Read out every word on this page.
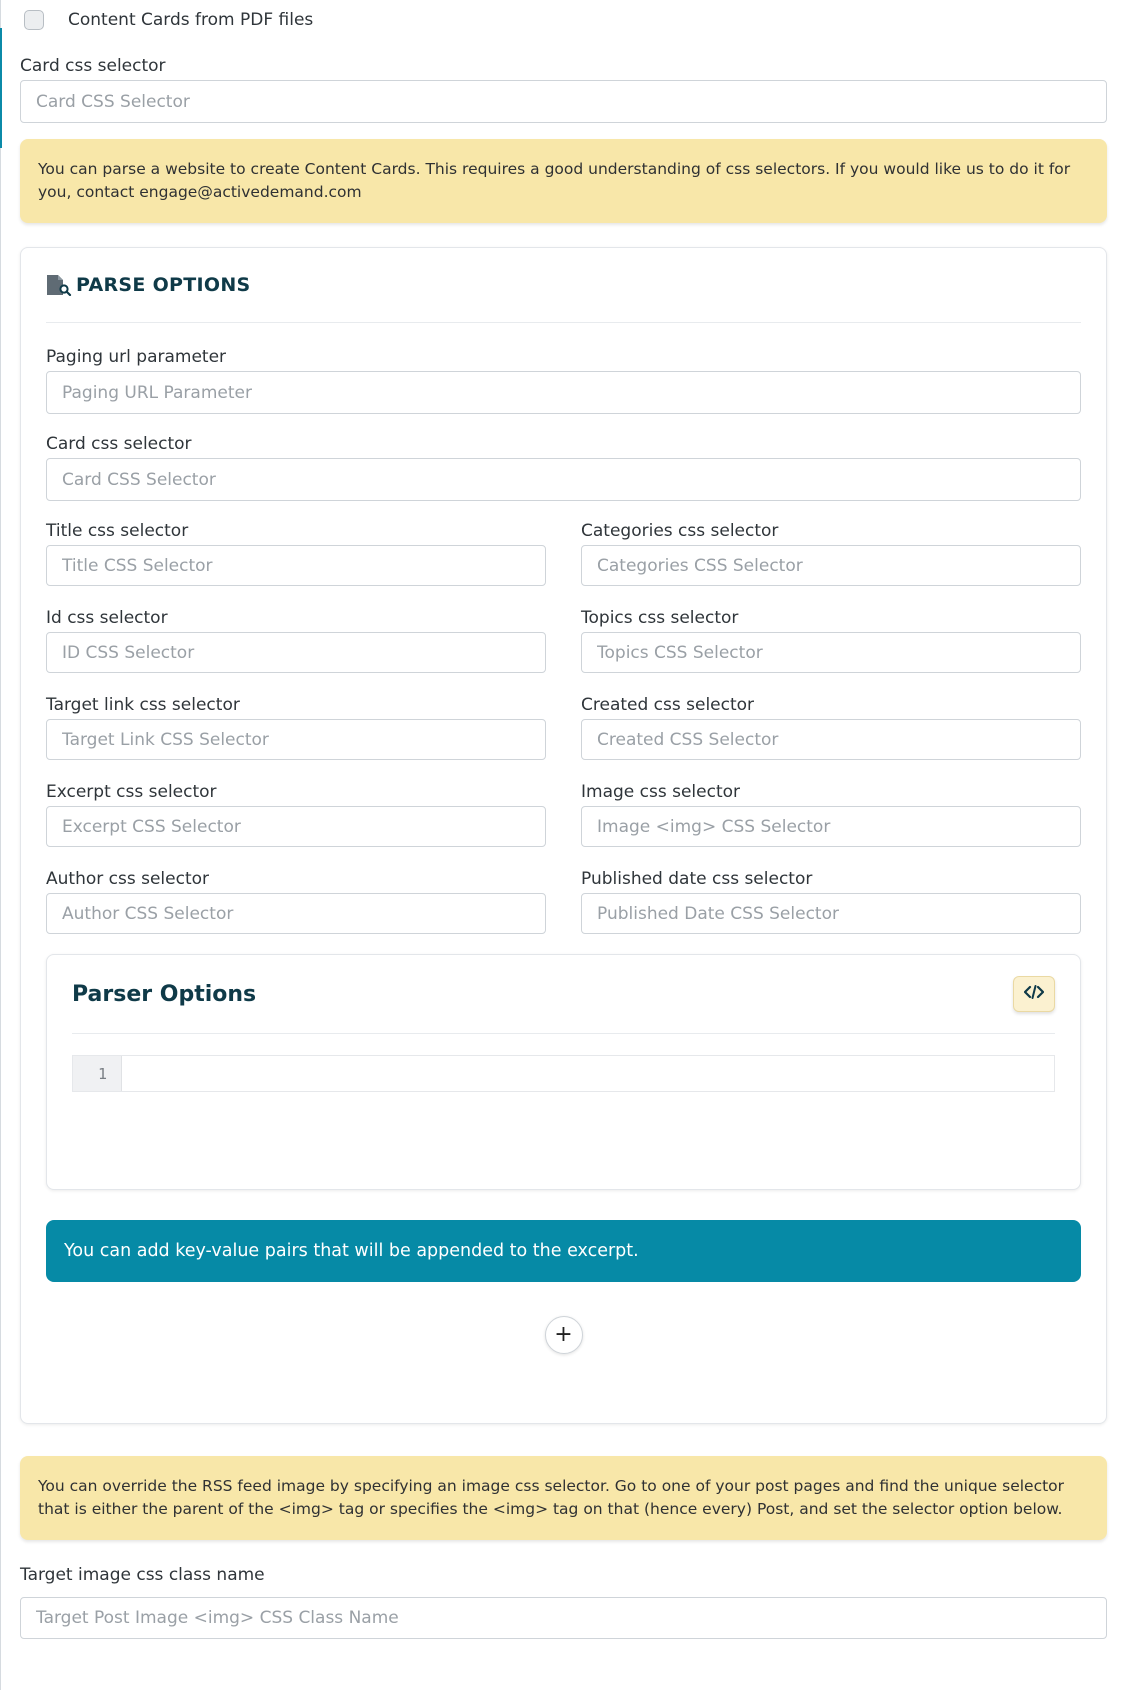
Content Cards from PDF files
Card css selector
Card CSS Selector
You can parse a website to create Content Cards. This requires a good understanding of css selectors. If you would like us to do it for you, contact engage@activedemand.com
PARSE OPTIONS
Paging url parameter
Paging URL Parameter
Card css selector
Card CSS Selector
Title css selector
Title CSS Selector
Id css selector
ID CSS Selector
Target link css selector
Target Link CSS Selector
Excerpt css selector
Excerpt CSS Selector
Author css selector
Author CSS Selector
Categories css selector
Categories CSS Selector
Topics css selector
Topics CSS Selector
Created css selector
Created CSS Selector
Image css selector
Image <img> CSS Selector
Published date css selector
Published Date CSS Selector
Parser Options
1
You can add key-value pairs that will be appended to the excerpt.
+
You can override the RSS feed image by specifying an image css selector. Go to one of your post pages and find the unique selector that is either the parent of the <img> tag or specifies the <img> tag on that (hence every) Post, and set the selector option below.
Target image css class name
Target Post Image <img> CSS Class Name
